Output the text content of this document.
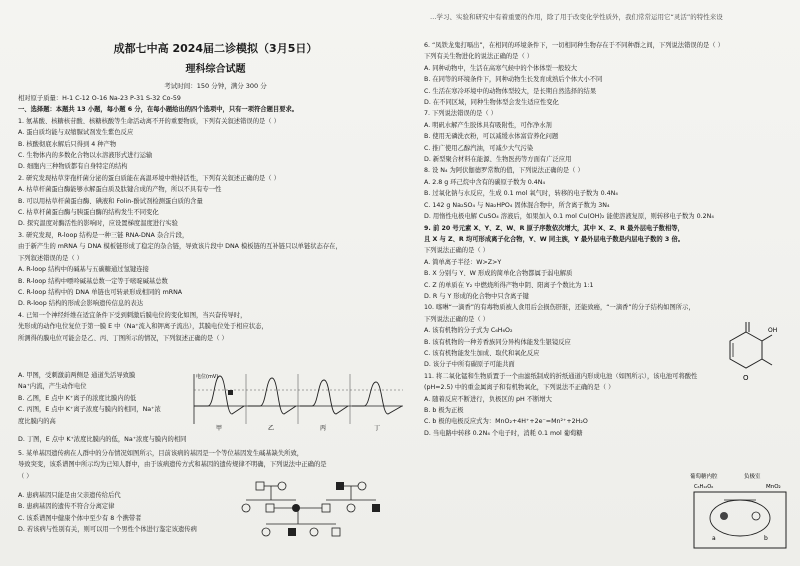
…学习、实验和研究中有着重要的作用，除了用于改变化学性质外，我们常常运用它“灵活”的特性来设
成都七中高 2024届二诊模拟（3月5日）
理科综合试题
考试时间：150 分钟，满分 300 分
相对原子质量：H-1 C-12 O-16 Na-23 P-31 S-32 Co-59
一、选择题：本题共 13 小题，每小题 6 分，在每小题给出的四个选项中，只有一项符合题目要求。
1. 氨基酸、核糖核苷酸、核糖核酸等生命活动离不开的重要物质，下列有关叙述错误的是（ ）
A. 蛋白质均能与双缩脲试剂发生紫色反应
B. 核酸彻底水解后只得到 4 种产物
C. 生物体内的多数化合物以水溶液形式进行运输
D. 细胞内三种物质都有自身特定的结构
2. 研究发现枯草芽孢杆菌分泌的蛋白质能在高温环境中维持活性，下列有关叙述正确的是（ ）
A. 枯草杆菌蛋白酶能够水解蛋白质及肽键合成的产物，所以不具有专一性
B. 可以用枯草杆菌蛋白酶、碘液和 Folin-酚试剂检测蛋白质的含量
C. 枯草杆菌蛋白酶与胰蛋白酶的结构发生不同变化
D. 探究温度对酶活性的影响时，应设置梯度温度进行实验
3. 研究发现，R-loop 结构是一种三链 RNA-DNA 杂合片段，
由于新产生的 mRNA 与 DNA 模板链形成了稳定的杂合链，导致该片段中 DNA 模板链的互补链只以单链状态存在，
下列叙述错误的是（ ）
A. R-loop 结构中的碱基与五碳糖通过氢键连接
B. R-loop 结构中嘌呤碱基总数一定等于嘧啶碱基总数
C. R-loop 结构中的 DNA 单链也可转录形成相同的 mRNA
D. R-loop 结构的形成会影响遗传信息的表达
4. 已知一个神经纤维在适宜条件下受到刺激后膜电位的变化如图，当兴奋传导时，
先形成的动作电位复位于第一膜 E 中（Na⁺流入和钾离子流出），其膜电位处于相应状态，
所测得的膜电位可能会是乙、丙、丁图所示的情况，下列叙述正确的是（ ）
A. 甲图，受刺激前两侧是 通道失活导致膜
Na⁺内流，产生动作电位
B. 乙图，E 点中 K⁺离子的浓度比膜内的低
C. 丙图，E 点中 K⁺离子浓度与膜内的相同，Na⁺浓
度比膜内的高
D. 丁图，E 点中 K⁺浓度比膜内的低，Na⁺浓度与膜内的相同
甲	乙	丙	丁
电位(mV)
5. 某单基因遗传病在人群中的分布情况如图所示，目前该病的基因是一个等位基因发生碱基缺失所致，
导致突变，该系谱图中所示均为已知人群中，由于该病遗传方式和基因的遗传规律不明确，下列说法中正确的是
（ ）
A. 患病基因只能是由父亲遗传给后代
B. 患病基因的遗传不符合分离定律
C. 该系谱图中健康个体中至少有 8 个携带者
D. 若该病与性别有关，则可以用一个男性个体进行鉴定该遗传病
6. “凤铁龙鬼打嗝出”，在相同的环境条件下，一切相同种生物存在于不同种群之间，下列说法错误的是（ ）
下列有关生物进化的说法正确的是（ ）
A. 同种动物中，生活在高寒气候中的个体体型一般较大
B. 在同等的环境条件下，同种动物生长发育成熟后个体大小不同
C. 生活在寒冷环境中的动物体型较大，是长期自然选择的结果
D. 在不同区域，同种生物体型会发生适应性变化
7. 下列说法错误的是（ ）
A. 明矾水解产生胶体具有吸附性，可作净水剂
B. 使用无磷洗衣粉，可以减缓水体富营养化问题
C. 推广使用乙醇汽油，可减少大气污染
D. 新型聚合材料在能源、生物医药等方面有广泛应用
8. 设 N₄ 为阿伏伽德罗常数的值，下列说法正确的是（ ）
A. 2.8 g 环己烷中含有的碳原子数为 0.4N₄
B. 过氧化钠与水反应，生成 0.1 mol 氧气时，转移的电子数为 0.4N₄
C. 142 g Na₂SO₄ 与 Na₂HPO₄ 固体混合物中，所含离子数为 3N₄
D. 用惰性电极电解 CuSO₄ 溶液后，如果加入 0.1 mol Cu(OH)₂ 能使溶液复原，则转移电子数为 0.2N₄
9. 前 20 号元素 X、Y、Z、W、R 原子序数依次增大，其中 X、Z、R 最外层电子数相等，
且 X 与 Z、R 均可形成离子化合物，Y、W 同主族，Y 最外层电子数是内层电子数的 3 倍。
下列说法正确的是（ ）
A. 简单离子半径：W>Z>Y
B. X 分别与 Y、W 形成的简单化合物都属于弱电解质
C. Z 的单质在 Y₂ 中燃烧所得产物中阴、阳离子个数比为 1:1
D. R 与 Y 形成的化合物中只含离子键
10. 喀啉“一滴香”的有毒物质被人食用后会损伤肝脏，还能致癌，“一滴香”的分子结构如图所示，
下列说法正确的是（ ）
A. 该有机物的分子式为 C₆H₆O₂
B. 该有机物的一种芳香族同分异构体能发生银镜反应
C. 该有机物能发生加成、取代和氧化反应
D. 该分子中所有碳原子可能共面
11. 将二氧化锰和生物质置于一个由滤纸制成的折纸通道内形成电池（如图所示），该电池可将酸性
(pH=2.5) 中的重金属离子和有机物氧化，下列说法不正确的是（ ）
A. 随着反应不断进行，负极区的 pH 不断增大
B. b 极为正极
C. b 极的电极反应式为：MnO₂+4H⁺+2e⁻=Mn²⁺+2H₂O
D. 当电路中转移 0.2N₄ 个电子时，消耗 0.1 mol 葡萄糖
O
OH
葡萄糖内腔	负极室
MnO₂
C₆H₁₂O₆
a	b
